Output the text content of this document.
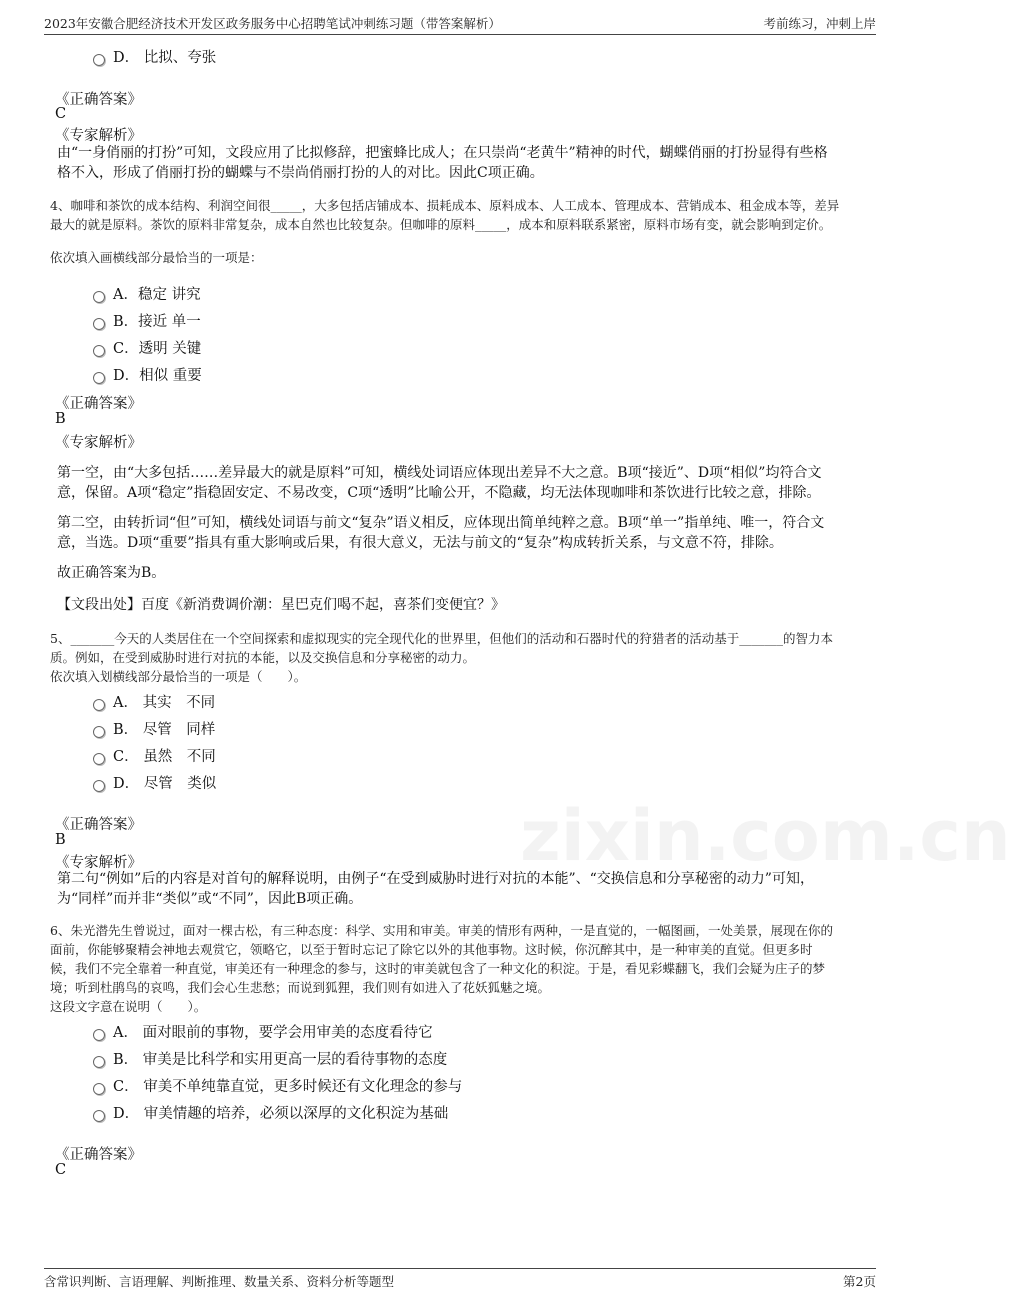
2023年安徽合肥经济技术开发区政务服务中心招聘笔试冲刺练习题（带答案解析）	考前练习，冲刺上岸
zixin.com.cn
D． 比拟、夸张
《正确答案》
C
《专家解析》
由“一身俏丽的打扮”可知，文段应用了比拟修辞，把蜜蜂比成人；在只崇尚“老黄牛”精神的时代，蝴蝶俏丽的打扮显得有些格
格不入，形成了俏丽打扮的蝴蝶与不崇尚俏丽打扮的人的对比。因此C项正确。
4、咖啡和茶饮的成本结构、利润空间很_____，大多包括店铺成本、损耗成本、原料成本、人工成本、管理成本、营销成本、租金成本等，差异
最大的就是原料。茶饮的原料非常复杂，成本自然也比较复杂。但咖啡的原料_____，成本和原料联系紧密，原料市场有变，就会影响到定价。
依次填入画横线部分最恰当的一项是：
A．稳定 讲究
B．接近 单一
C．透明 关键
D．相似 重要
《正确答案》
B
《专家解析》
第一空，由“大多包括……差异最大的就是原料”可知，横线处词语应体现出差异不大之意。B项“接近”、D项“相似”均符合文
意，保留。A项“稳定”指稳固安定、不易改变，C项“透明”比喻公开，不隐藏，均无法体现咖啡和茶饮进行比较之意，排除。
第二空，由转折词“但”可知，横线处词语与前文“复杂”语义相反，应体现出简单纯粹之意。B项“单一”指单纯、唯一，符合文
意，当选。D项“重要”指具有重大影响或后果，有很大意义，无法与前文的“复杂”构成转折关系，与文意不符，排除。
故正确答案为B。
【文段出处】百度《新消费调价潮：星巴克们喝不起，喜茶们变便宜？》
5、_______今天的人类居住在一个空间探索和虚拟现实的完全现代化的世界里，但他们的活动和石器时代的狩猎者的活动基于_______的智力本
质。例如，在受到威胁时进行对抗的本能，以及交换信息和分享秘密的动力。
依次填入划横线部分最恰当的一项是（　　）。
A． 其实　不同
B． 尽管　同样
C． 虽然　不同
D． 尽管　类似
《正确答案》
B
《专家解析》
第二句“例如”后的内容是对首句的解释说明，由例子“在受到威胁时进行对抗的本能”、“交换信息和分享秘密的动力”可知，
为“同样”而并非“类似”或“不同”，因此B项正确。
6、朱光潜先生曾说过，面对一棵古松，有三种态度：科学、实用和审美。审美的情形有两种，一是直觉的，一幅图画，一处美景，展现在你的
面前，你能够聚精会神地去观赏它，领略它，以至于暂时忘记了除它以外的其他事物。这时候，你沉醉其中，是一种审美的直觉。但更多时
候，我们不完全靠着一种直觉，审美还有一种理念的参与，这时的审美就包含了一种文化的积淀。于是，看见彩蝶翻飞，我们会疑为庄子的梦
境；听到杜鹃鸟的哀鸣，我们会心生悲愁；而说到狐狸，我们则有如进入了花妖狐魅之境。
这段文字意在说明（　　）。
A． 面对眼前的事物，要学会用审美的态度看待它
B． 审美是比科学和实用更高一层的看待事物的态度
C． 审美不单纯靠直觉，更多时候还有文化理念的参与
D． 审美情趣的培养，必须以深厚的文化积淀为基础
《正确答案》
C
含常识判断、言语理解、判断推理、数量关系、资料分析等题型	第2页
